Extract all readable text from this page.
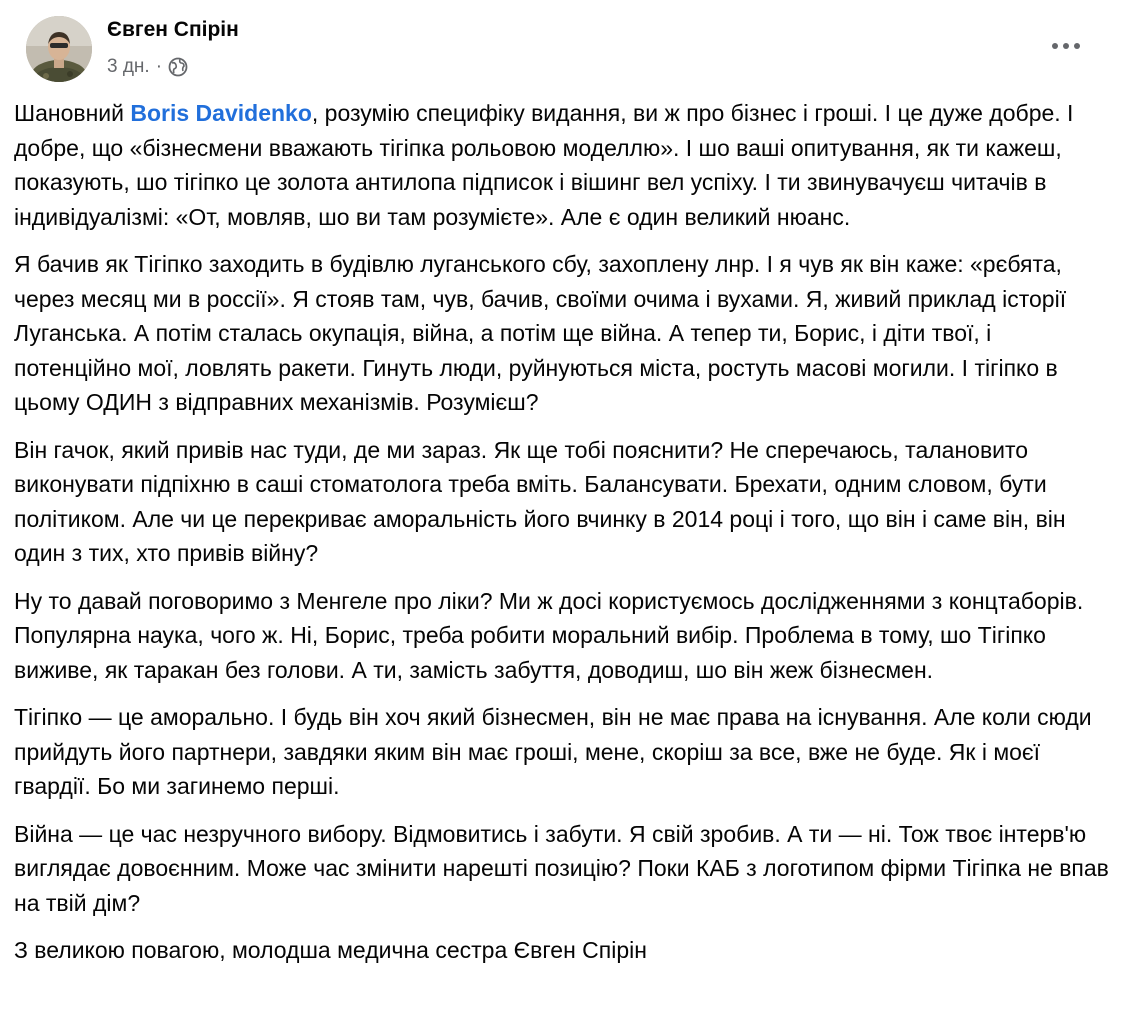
Євген Спірін
3 дн. ·

Шановний Boris Davidenko, розумію специфіку видання, ви ж про бізнес і гроші. І це дуже добре. І добре, що «бізнесмени вважають тігіпка рольовою моделлю». І шо ваші опитування, як ти кажеш, показують, шо тігіпко це золота антилопа підписок і вішинг вел успіху. І ти звинувачуєш читачів в індивідуалізмі: «От, мовляв, шо ви там розумієте». Але є один великий нюанс.

Я бачив як Тігіпко заходить в будівлю луганського сбу, захоплену лнр. І я чув як він каже: «рєбята, через месяц ми в россії». Я стояв там, чув, бачив, своїми очима і вухами. Я, живий приклад історії Луганська. А потім сталась окупація, війна, а потім ще війна. А тепер ти, Борис, і діти твої, і потенційно мої, ловлять ракети. Гинуть люди, руйнуються міста, ростуть масові могили. І тігіпко в цьому ОДИН з відправних механізмів. Розумієш?

Він гачок, який привів нас туди, де ми зараз. Як ще тобі пояснити? Не сперечаюсь, талановито виконувати підпіхню в саші стоматолога треба вміть. Балансувати. Брехати, одним словом, бути політиком. Але чи це перекриває аморальність його вчинку в 2014 році і того, що він і саме він, він один з тих, хто привів війну?

Ну то давай поговоримо з Менгеле про ліки? Ми ж досі користуємось дослідженнями з концтаборів. Популярна наука, чого ж. Ні, Борис, треба робити моральний вибір. Проблема в тому, шо Тігіпко виживе, як таракан без голови. А ти, замість забуття, доводиш, шо він жеж бізнесмен.

Тігіпко — це аморально. І будь він хоч який бізнесмен, він не має права на існування. Але коли сюди прийдуть його партнери, завдяки яким він має гроші, мене, скоріш за все, вже не буде. Як і моєї гвардії. Бо ми загинемо перші.

Війна — це час незручного вибору. Відмовитись і забути. Я свій зробив. А ти — ні. Тож твоє інтерв'ю виглядає довоєнним. Може час змінити нарешті позицію? Поки КАБ з логотипом фірми Тігіпка не впав на твій дім?

З великою повагою, молодша медична сестра Євген Спірін
